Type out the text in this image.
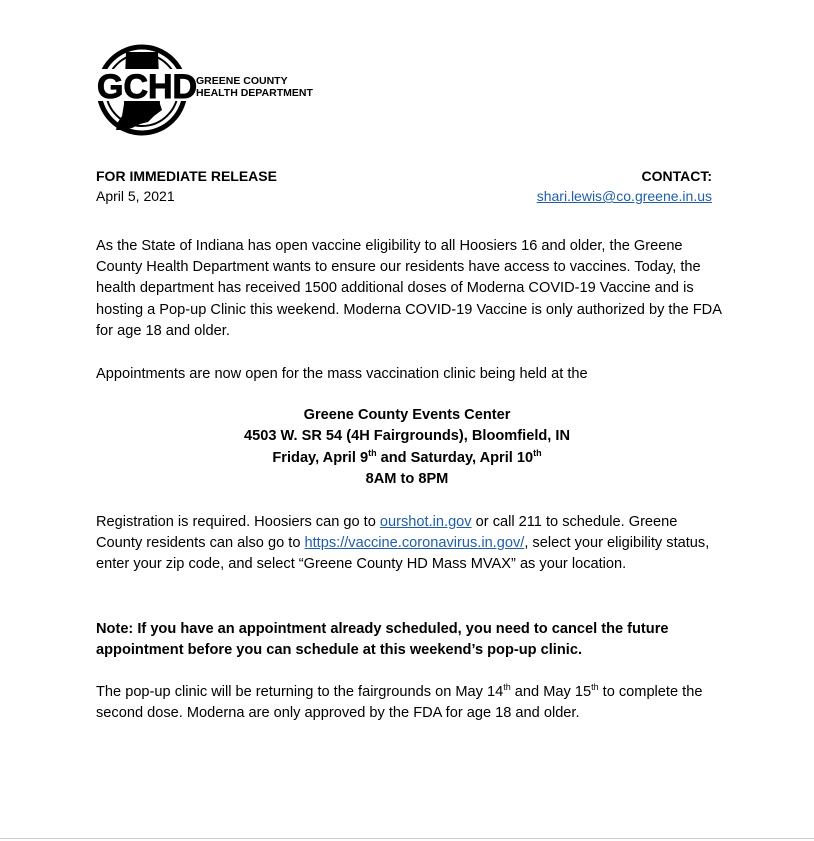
GCHD
GREENE COUNTY
HEALTH DEPARTMENT
FOR IMMEDIATE RELEASE
April 5, 2021
CONTACT:
shari.lewis@co.greene.in.us
As the State of Indiana has open vaccine eligibility to all Hoosiers 16 and older, the Greene County Health Department wants to ensure our residents have access to vaccines. Today, the health department has received 1500 additional doses of Moderna COVID-19 Vaccine and is hosting a Pop-up Clinic this weekend. Moderna COVID-19 Vaccine is only authorized by the FDA for age 18 and older.
Appointments are now open for the mass vaccination clinic being held at the
Greene County Events Center
4503 W. SR 54 (4H Fairgrounds), Bloomfield, IN
Friday, April 9th and Saturday, April 10th
8AM to 8PM
Registration is required. Hoosiers can go to ourshot.in.gov or call 211 to schedule. Greene County residents can also go to https://vaccine.coronavirus.in.gov/, select your eligibility status, enter your zip code, and select “Greene County HD Mass MVAX” as your location.
Note: If you have an appointment already scheduled, you need to cancel the future appointment before you can schedule at this weekend’s pop-up clinic.
The pop-up clinic will be returning to the fairgrounds on May 14th and May 15th to complete the second dose. Moderna are only approved by the FDA for age 18 and older.
